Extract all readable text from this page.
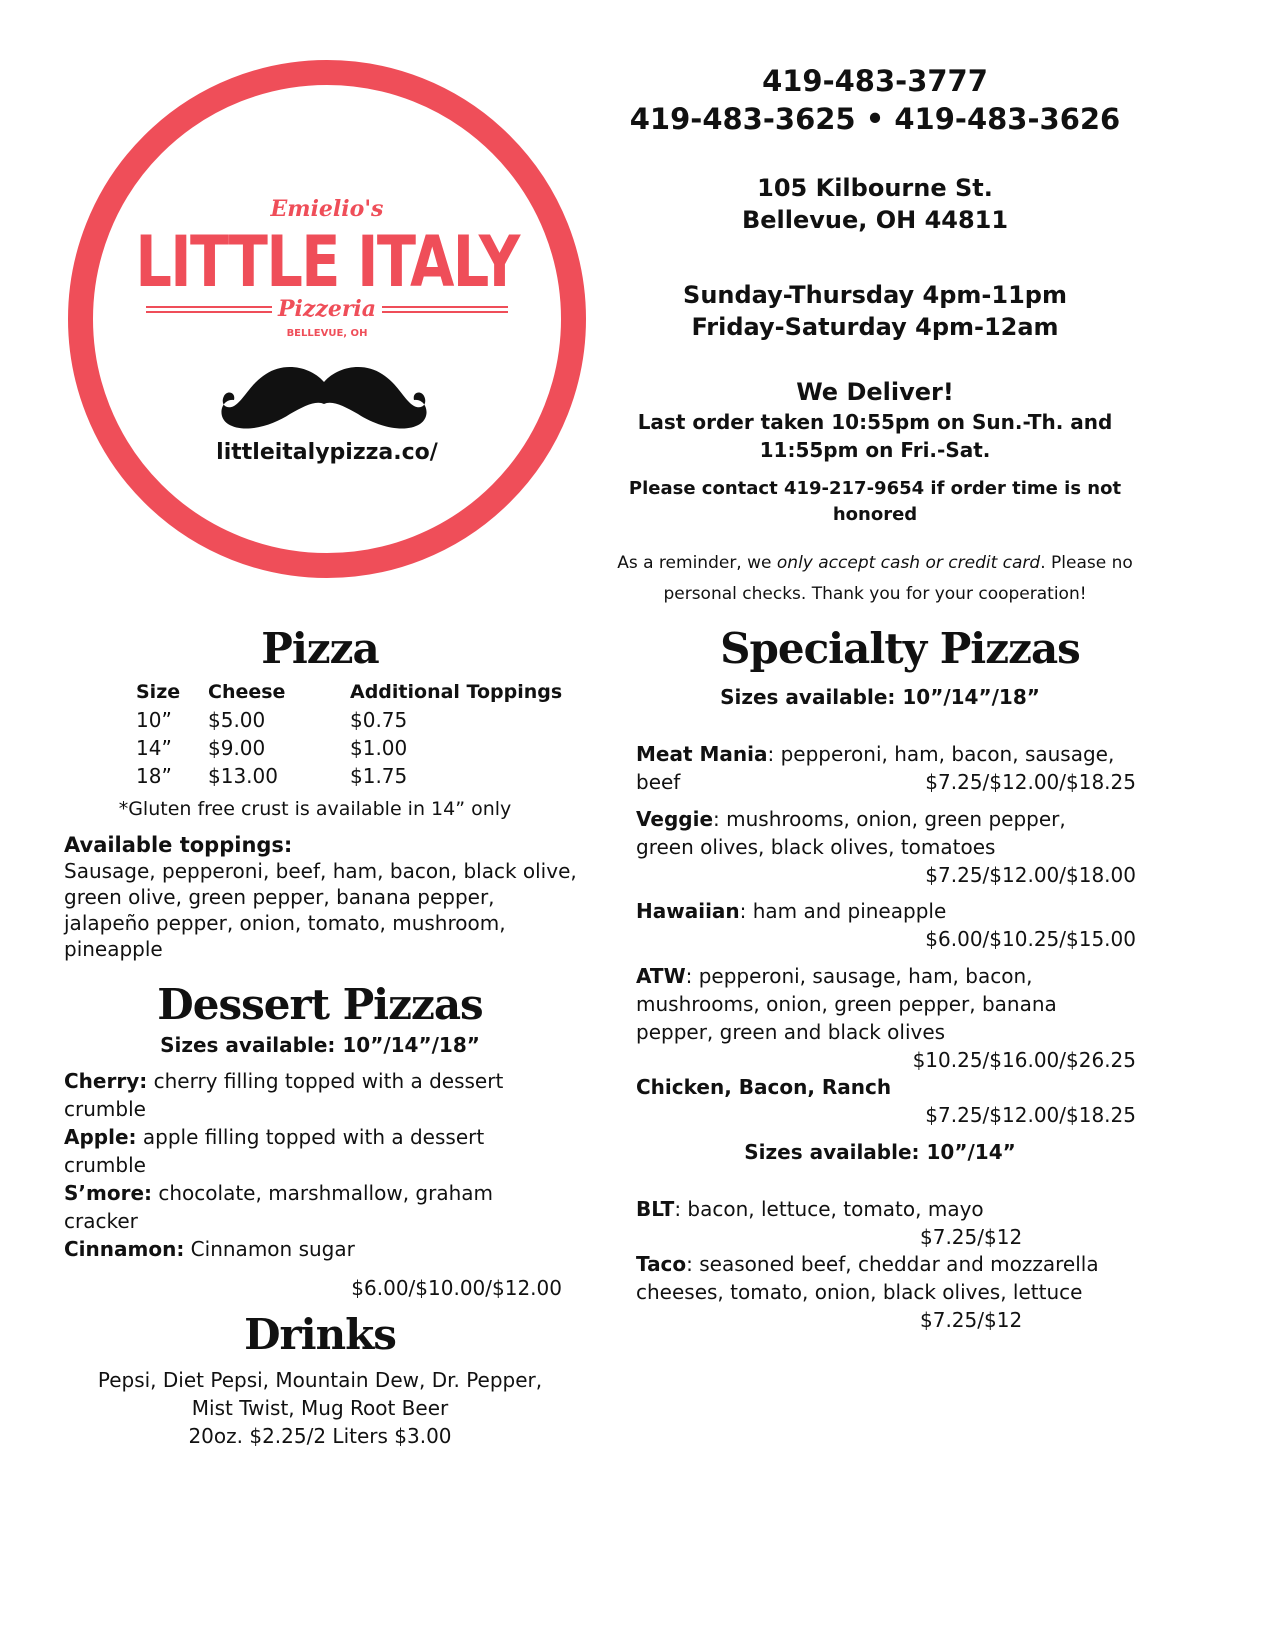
Emielio's
LITTLE ITALY
Pizzeria
BELLEVUE, OH
littleitalypizza.co/
419-483-3777
419-483-3625 • 419-483-3626
105 Kilbourne St.
Bellevue, OH 44811
Sunday-Thursday 4pm-11pm
Friday-Saturday 4pm-12am
We Deliver!
Last order taken 10:55pm on Sun.-Th. and
11:55pm on Fri.-Sat.
Please contact 419-217-9654 if order time is not
honored
As a reminder, we only accept cash or credit card. Please no
personal checks. Thank you for your cooperation!
Pizza
Size	Cheese	Additional Toppings
10”	$5.00	$0.75
14”	$9.00	$1.00
18”	$13.00	$1.75
*Gluten free crust is available in 14” only
Available toppings:
Sausage, pepperoni, beef, ham, bacon, black olive,
green olive, green pepper, banana pepper,
jalapeño pepper, onion, tomato, mushroom,
pineapple
Dessert Pizzas
Sizes available: 10”/14”/18”
Cherry: cherry filling topped with a dessert
crumble
Apple: apple filling topped with a dessert
crumble
S’more: chocolate, marshmallow, graham
cracker
Cinnamon: Cinnamon sugar
$6.00/$10.00/$12.00
Drinks
Pepsi, Diet Pepsi, Mountain Dew, Dr. Pepper,
Mist Twist, Mug Root Beer
20oz. $2.25/2 Liters $3.00
Specialty Pizzas
Sizes available: 10”/14”/18”
Meat Mania: pepperoni, ham, bacon, sausage,
beef	$7.25/$12.00/$18.25
Veggie: mushrooms, onion, green pepper,
green olives, black olives, tomatoes
$7.25/$12.00/$18.00
Hawaiian: ham and pineapple
$6.00/$10.25/$15.00
ATW: pepperoni, sausage, ham, bacon,
mushrooms, onion, green pepper, banana
pepper, green and black olives
$10.25/$16.00/$26.25
Chicken, Bacon, Ranch
$7.25/$12.00/$18.25
Sizes available: 10”/14”
BLT: bacon, lettuce, tomato, mayo
$7.25/$12
Taco: seasoned beef, cheddar and mozzarella
cheeses, tomato, onion, black olives, lettuce
$7.25/$12
